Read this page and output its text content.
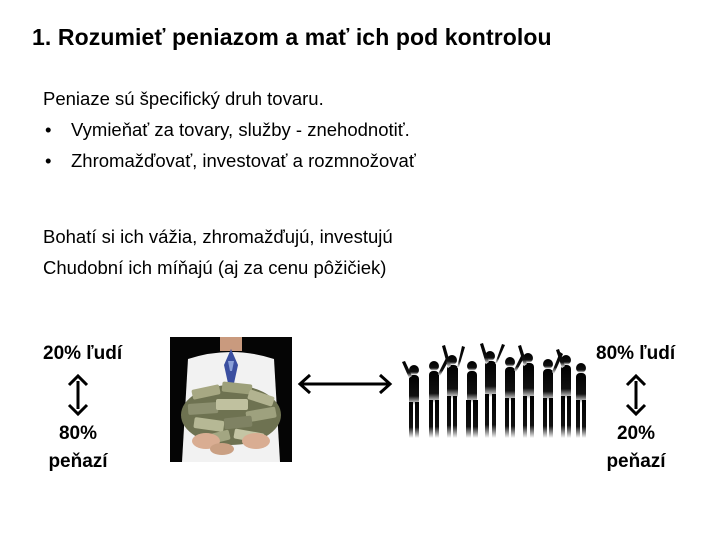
1. Rozumieť peniazom a mať ich pod kontrolou
Peniaze sú špecifický druh tovaru.
• Vymieňať za tovary, služby - znehodnotiť.
• Zhromažďovať, investovať a rozmnožovať
Bohatí si ich vážia, zhromažďujú, investujú
Chudobní ich míňajú (aj za cenu pôžičiek)
20% ľudí
80%
peňazí
80% ľudí
20%
peňazí
